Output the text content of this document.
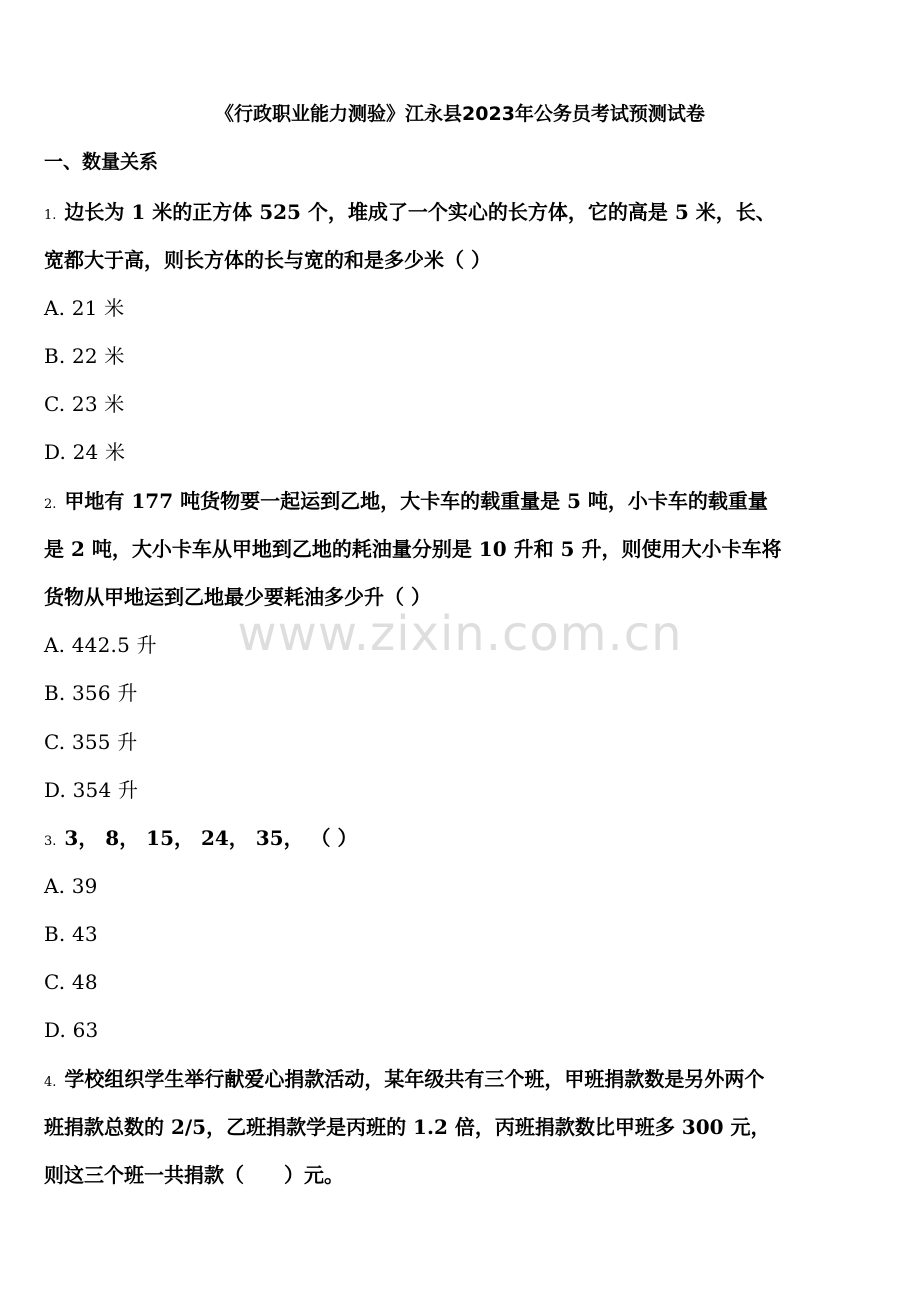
《行政职业能力测验》江永县2023年公务员考试预测试卷
一、数量关系
1. 边长为 1 米的正方体 525 个，堆成了一个实心的长方体，它的高是 5 米，长、
宽都大于高，则长方体的长与宽的和是多少米（ ）
A. 21 米
B. 22 米
C. 23 米
D. 24 米
2. 甲地有 177 吨货物要一起运到乙地，大卡车的载重量是 5 吨，小卡车的载重量
是 2 吨，大小卡车从甲地到乙地的耗油量分别是 10 升和 5 升，则使用大小卡车将
货物从甲地运到乙地最少要耗油多少升（ ）
A. 442.5 升
B. 356 升
C. 355 升
D. 354 升
3. 3， 8， 15， 24， 35， （ ）
A. 39
B. 43
C. 48
D. 63
4. 学校组织学生举行献爱心捐款活动，某年级共有三个班，甲班捐款数是另外两个
班捐款总数的 2/5，乙班捐款学是丙班的 1.2 倍，丙班捐款数比甲班多 300 元，
则这三个班一共捐款（　　）元。
www.zixin.com.cn
